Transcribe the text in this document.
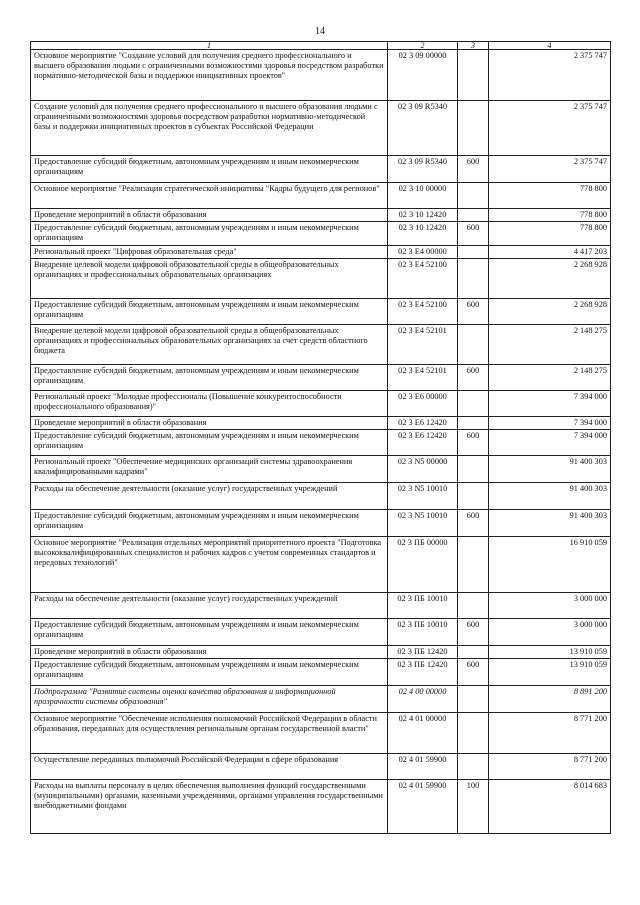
14
1	2	3	4
Основное мероприятие "Создание условий для получения среднего профессионального и высшего образования людьми с ограниченными возможностями здоровья посредством разработки нормативно-методической базы и поддержки инициативных проектов"	02 3 09 00000		2 375 747
Создание условий для получения среднего профессионального и высшего образования людьми с ограниченными возможностями здоровья посредством разработки нормативно-методической базы и поддержки инициативных проектов в субъектах Российской Федерации	02 3 09 R5340		2 375 747
Предоставление субсидий бюджетным, автономным учреждениям и иным некоммерческим организациям	02 3 09 R5340	600	2 375 747
Основное мероприятие "Реализация стратегической инициативы "Кадры будущего для регионов"	02 3 10 00000		778 800
Проведение мероприятий в области образования	02 3 10 12420		778 800
Предоставление субсидий бюджетным, автономным учреждениям и иным некоммерческим организациям	02 3 10 12420	600	778 800
Региональный проект "Цифровая образовательная среда"	02 3 E4 00000		4 417 203
Внедрение целевой модели цифровой образовательной среды в общеобразовательных организациях и профессиональных образовательных организациях	02 3 E4 52100		2 268 928
Предоставление субсидий бюджетным, автономным учреждениям и иным некоммерческим организациям	02 3 E4 52100	600	2 268 928
Внедрение целевой модели цифровой образовательной среды в общеобразовательных организациях и профессиональных образовательных организациях за счет средств областного бюджета	02 3 E4 52101		2 148 275
Предоставление субсидий бюджетным, автономным учреждениям и иным некоммерческим организациям	02 3 E4 52101	600	2 148 275
Региональный проект "Молодые профессионалы (Повышение конкурентоспособности профессионального образования)"	02 3 E6 00000		7 394 000
Проведение мероприятий в области образования	02 3 E6 12420		7 394 000
Предоставление субсидий бюджетным, автономным учреждениям и иным некоммерческим организациям	02 3 E6 12420	600	7 394 000
Региональный проект "Обеспечение медицинских организаций системы здравоохранения квалифицированными кадрами"	02 3 N5 00000		91 400 303
Расходы на обеспечение деятельности (оказание услуг) государственных учреждений	02 3 N5 10010		91 400 303
Предоставление субсидий бюджетным, автономным учреждениям и иным некоммерческим организациям	02 3 N5 10010	600	91 400 303
Основное мероприятие "Реализация отдельных мероприятий приоритетного проекта "Подготовка высококвалифицированных специалистов и рабочих кадров с учетом современных стандартов и передовых технологий"	02 3 ПБ 00000		16 910 059
Расходы на обеспечение деятельности (оказание услуг) государственных учреждений	02 3 ПБ 10010		3 000 000
Предоставление субсидий бюджетным, автономным учреждениям и иным некоммерческим организациям	02 3 ПБ 10010	600	3 000 000
Проведение мероприятий в области образования	02 3 ПБ 12420		13 910 059
Предоставление субсидий бюджетным, автономным учреждениям и иным некоммерческим организациям	02 3 ПБ 12420	600	13 910 059
Подпрограмма "Развитие системы оценки качества образования и информационной прозрачности системы образования"	02 4 00 00000		8 891 200
Основное мероприятие "Обеспечение исполнения полномочий Российской Федерации в области образования, переданных для осуществления региональным органам государственной власти"	02 4 01 00000		8 771 200
Осуществление переданных полномочий Российской Федерации в сфере образования	02 4 01 59900		8 771 200
Расходы на выплаты персоналу в целях обеспечения выполнения функций государственными (муниципальными) органами, казенными учреждениями, органами управления государственными внебюджетными фондами	02 4 01 59900	100	8 014 683
